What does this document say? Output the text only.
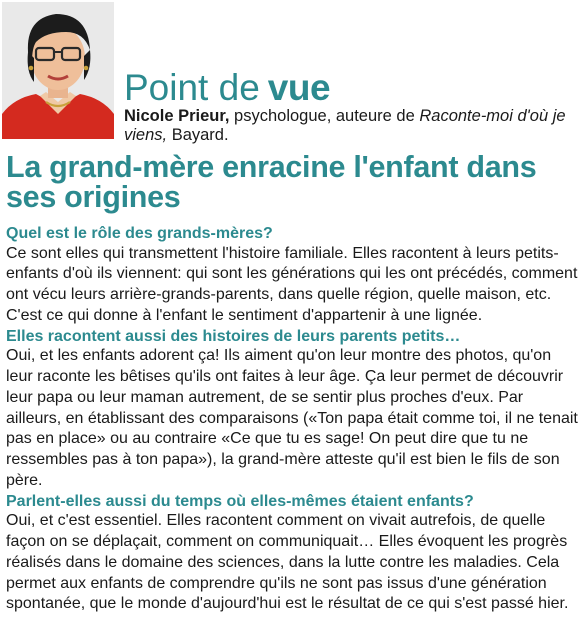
Point de vue
Nicole Prieur, psychologue, auteure de Raconte-moi d'où je viens, Bayard.
La grand-mère enracine l'enfant dans ses origines
Quel est le rôle des grands-mères?
Ce sont elles qui transmettent l'histoire familiale. Elles racontent à leurs petits-enfants d'où ils viennent: qui sont les générations qui les ont précédés, comment ont vécu leurs arrière-grands-parents, dans quelle région, quelle maison, etc. C'est ce qui donne à l'enfant le sentiment d'appartenir à une lignée.
Elles racontent aussi des histoires de leurs parents petits…
Oui, et les enfants adorent ça! Ils aiment qu'on leur montre des photos, qu'on leur raconte les bêtises qu'ils ont faites à leur âge. Ça leur permet de découvrir leur papa ou leur maman autrement, de se sentir plus proches d'eux. Par ailleurs, en établissant des comparaisons («Ton papa était comme toi, il ne tenait pas en place» ou au contraire «Ce que tu es sage! On peut dire que tu ne ressembles pas à ton papa»), la grand-mère atteste qu'il est bien le fils de son père.
Parlent-elles aussi du temps où elles-mêmes étaient enfants?
Oui, et c'est essentiel. Elles racontent comment on vivait autrefois, de quelle façon on se déplaçait, comment on communiquait… Elles évoquent les progrès réalisés dans le domaine des sciences, dans la lutte contre les maladies. Cela permet aux enfants de comprendre qu'ils ne sont pas issus d'une génération spontanée, que le monde d'aujourd'hui est le résultat de ce qui s'est passé hier.
